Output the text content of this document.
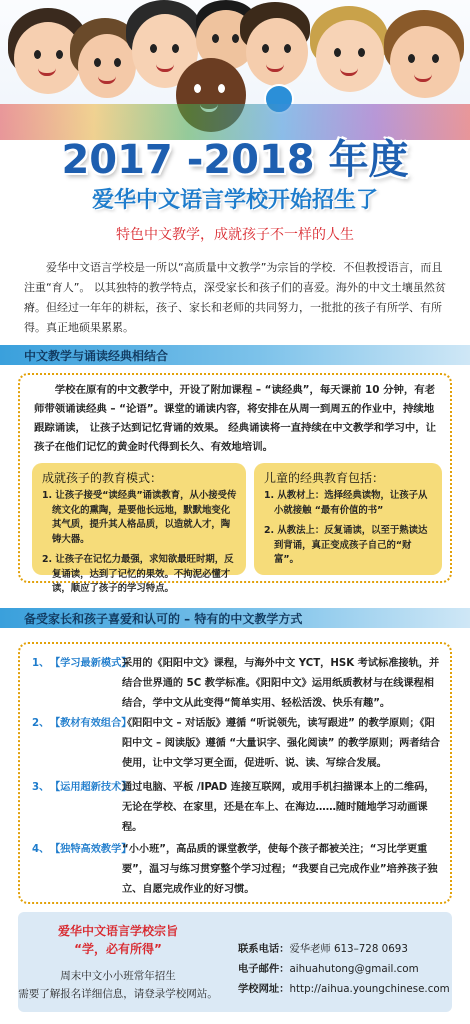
2017 -2018 年度
爱华中文语言学校开始招生了
特色中文教学，成就孩子不一样的人生

爱华中文语言学校是一所以“高质量中文教学”为宗旨的学校．不但教授语言，而且注重“育人”。 以其独特的教学特点，深受家长和孩子们的喜爱。海外的中文土壤虽然贫瘠。但经过一年年的耕耘，孩子、家长和老师的共同努力，一批批的孩子有所学、有所得。真正地硕果累累。

中文教学与诵读经典相结合

学校在原有的中文教学中，开设了附加课程 – “读经典”，每天课前 10 分钟，有老师带领诵读经典 – “论语”。课堂的诵读内容，将安排在从周一到周五的作业中，持续地跟踪诵读， 让孩子达到记忆背诵的效果。 经典诵读将一直持续在中文教学和学习中，让孩子在他们记忆的黄金时代得到长久、有效地培训。

成就孩子的教育模式：
1. 让孩子接受“读经典”诵读教育，从小接受传统文化的熏陶，是要他长远地，默默地变化其气质，提升其人格品质，以造就人才，陶铸大器。
2. 让孩子在记忆力最强，求知欲最旺时期，反复诵读，达到了记忆的果效。不拘泥必懂才读，顺应了孩子的学习特点。
儿童的经典教育包括：
1. 从教材上：选择经典读物，让孩子从小就接触 “最有价值的书”
2. 从教法上：反复诵读，以至于熟读达到背诵，真正变成孩子自己的“财富”。
备受家长和孩子喜爱和认可的 – 特有的中文教学方式
1、 【学习最新模式】
采用的《阳阳中文》课程，与海外中文 YCT，HSK 考试标准接轨，并结合世界通的 5C 教学标准。《阳阳中文》运用纸质教材与在线课程相结合，学中文从此变得“简单实用、轻松活泼、快乐有趣”。
2、 【教材有效组合】
《阳阳中文 – 对话版》遵循 “听说领先，读写跟进” 的教学原则；《阳阳中文 – 阅读版》遵循 “大量识字、强化阅读” 的教学原则；两者结合使用，让中文学习更全面，促进听、说、读、写综合发展。
3、 【运用超新技术】
通过电脑、平板 /IPAD 连接互联网，或用手机扫描课本上的二维码，无论在学校、在家里，还是在车上、在海边……随时随地学习动画课程。
4、 【独特高效教学】
“小小班”，高品质的课堂教学，使每个孩子都被关注；“习比学更重要”，温习与练习贯穿整个学习过程；“我要自己完成作业”培养孩子独立、自愿完成作业的好习惯。
爱华中文语言学校宗旨
“学，必有所得”
周末中文小小班常年招生
需要了解报名详细信息，请登录学校网站。
联系电话：爱华老师 613–728 0693
电子邮件：aihuahutong@gmail.com
学校网址：http://aihua.youngchinese.com
